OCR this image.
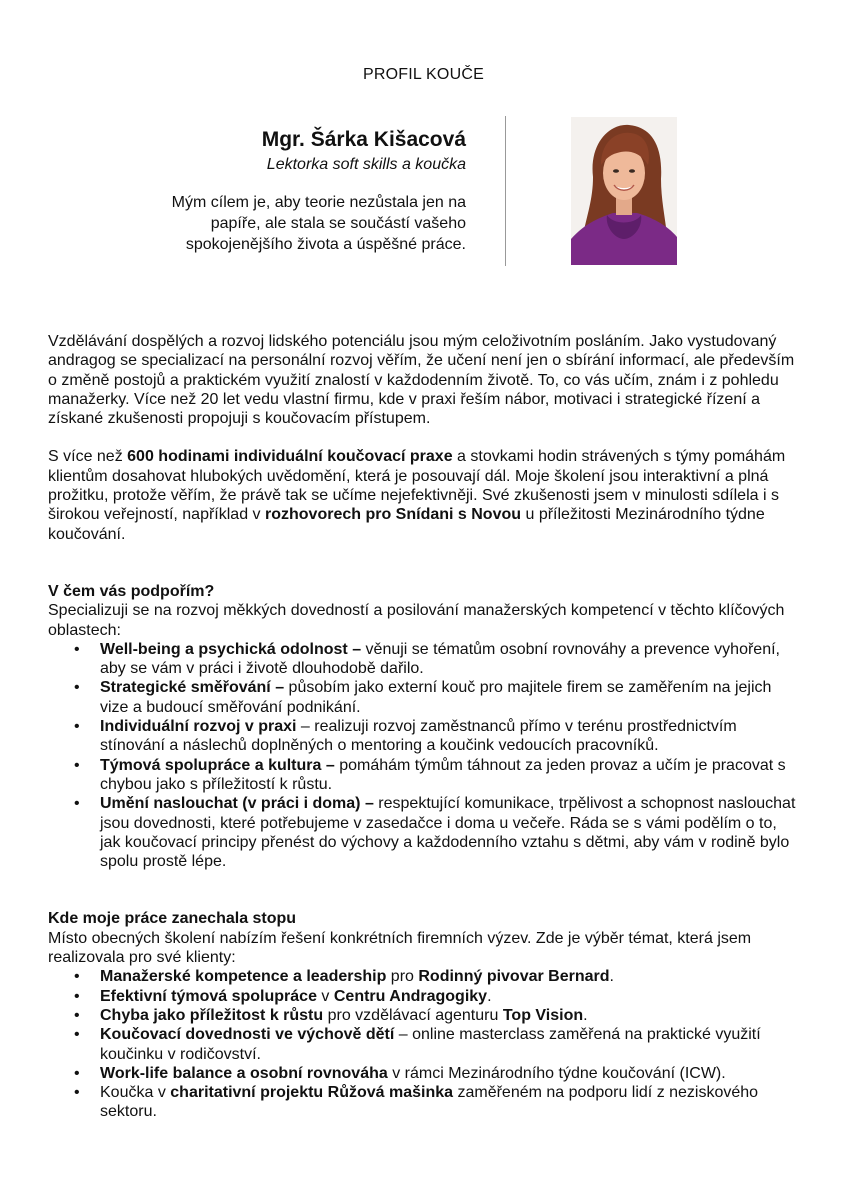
PROFIL KOUČE
Mgr. Šárka Kišacová
Lektorka soft skills a koučka
Mým cílem je, aby teorie nezůstala jen na papíře, ale stala se součástí vašeho spokojenějšího života a úspěšné práce.

Vzdělávání dospělých a rozvoj lidského potenciálu jsou mým celoživotním posláním. Jako vystudovaný andragog se specializací na personální rozvoj věřím, že učení není jen o sbírání informací, ale především o změně postojů a praktickém využití znalostí v každodenním životě. To, co vás učím, znám i z pohledu manažerky. Více než 20 let vedu vlastní firmu, kde v praxi řeším nábor, motivaci i strategické řízení a získané zkušenosti propojuji s koučovacím přístupem.

S více než 600 hodinami individuální koučovací praxe a stovkami hodin strávených s týmy pomáhám klientům dosahovat hlubokých uvědomění, která je posouvají dál. Moje školení jsou interaktivní a plná prožitku, protože věřím, že právě tak se učíme nejefektivněji. Své zkušenosti jsem v minulosti sdílela i s širokou veřejností, například v rozhovorech pro Snídani s Novou u příležitosti Mezinárodního týdne koučování.

V čem vás podpořím?

Specializuji se na rozvoj měkkých dovedností a posilování manažerských kompetencí v těchto klíčových oblastech:

• Well-being a psychická odolnost – věnuji se tématům osobní rovnováhy a prevence vyhoření, aby se vám v práci i životě dlouhodobě dařilo.
• Strategické směřování – působím jako externí kouč pro majitele firem se zaměřením na jejich vize a budoucí směřování podnikání.
• Individuální rozvoj v praxi – realizuji rozvoj zaměstnanců přímo v terénu prostřednictvím stínování a náslechů doplněných o mentoring a koučink vedoucích pracovníků.
• Týmová spolupráce a kultura – pomáhám týmům táhnout za jeden provaz a učím je pracovat s chybou jako s příležitostí k růstu.
• Umění naslouchat (v práci i doma) – respektující komunikace, trpělivost a schopnost naslouchat jsou dovednosti, které potřebujeme v zasedačce i doma u večeře. Ráda se s vámi podělím o to, jak koučovací principy přenést do výchovy a každodenního vztahu s dětmi, aby vám v rodině bylo spolu prostě lépe.

Kde moje práce zanechala stopu

Místo obecných školení nabízím řešení konkrétních firemních výzev. Zde je výběr témat, která jsem realizovala pro své klienty:

• Manažerské kompetence a leadership pro Rodinný pivovar Bernard.
• Efektivní týmová spolupráce v Centru Andragogiky.
• Chyba jako příležitost k růstu pro vzdělávací agenturu Top Vision.
• Koučovací dovednosti ve výchově dětí – online masterclass zaměřená na praktické využití koučinku v rodičovství.
• Work-life balance a osobní rovnováha v rámci Mezinárodního týdne koučování (ICW).
• Koučka v charitativní projektu Růžová mašinka zaměřeném na podporu lidí z neziskového sektoru.
